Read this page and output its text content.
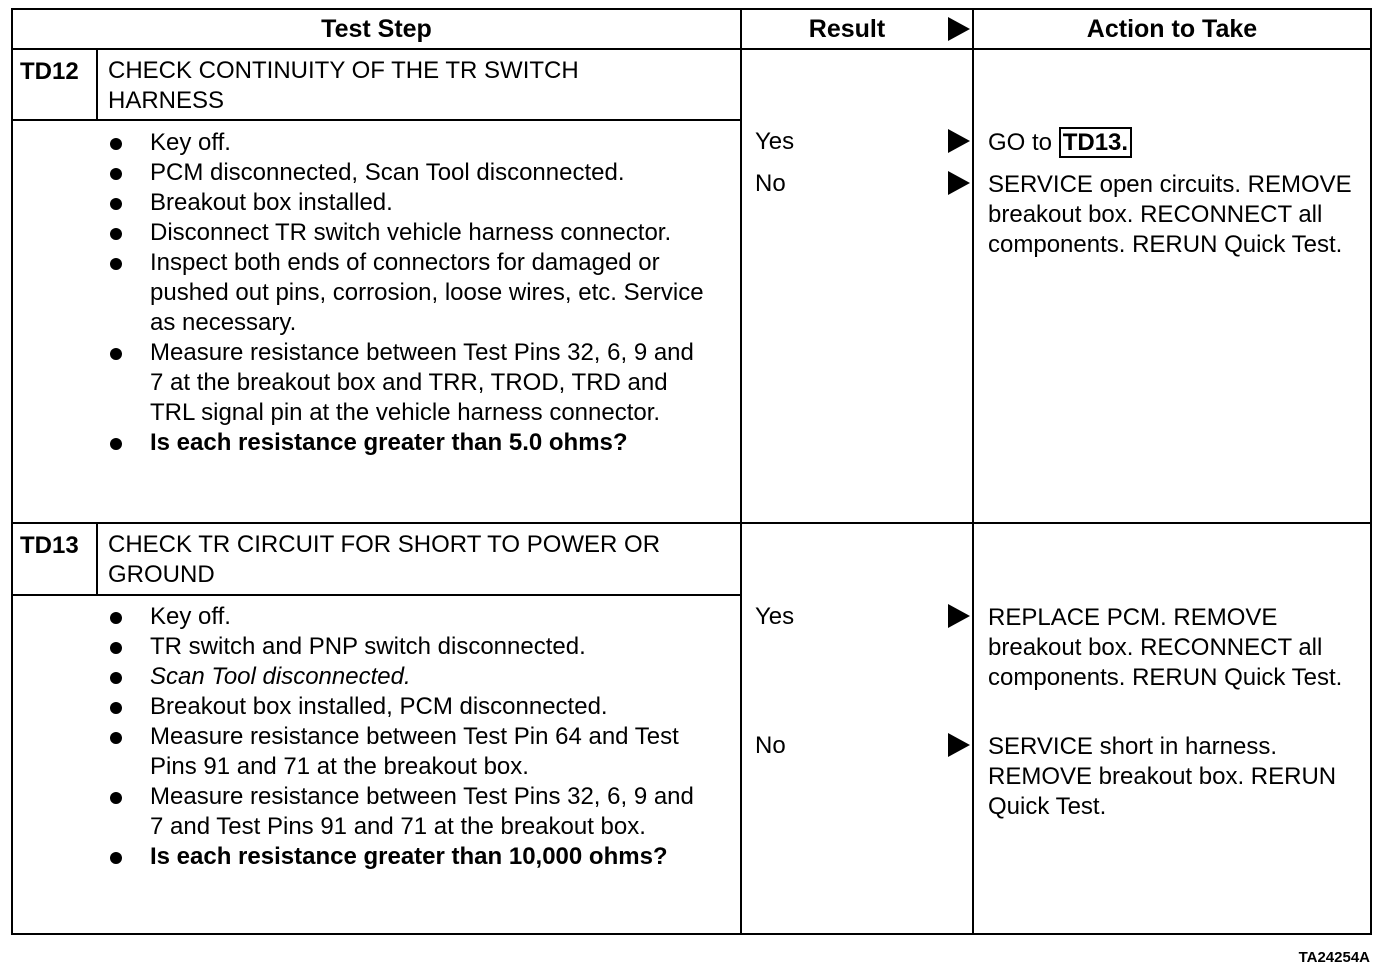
Test Step	Result	Action to Take
TD12 CHECK CONTINUITY OF THE TR SWITCH HARNESS
Key off.
PCM disconnected, Scan Tool disconnected.
Breakout box installed.
Disconnect TR switch vehicle harness connector.
Inspect both ends of connectors for damaged or pushed out pins, corrosion, loose wires, etc. Service as necessary.
Measure resistance between Test Pins 32, 6, 9 and 7 at the breakout box and TRR, TROD, TRD and TRL signal pin at the vehicle harness connector.
Is each resistance greater than 5.0 ohms?
Yes	GO to TD13.
No	SERVICE open circuits. REMOVE breakout box. RECONNECT all components. RERUN Quick Test.
TD13 CHECK TR CIRCUIT FOR SHORT TO POWER OR GROUND
Key off.
TR switch and PNP switch disconnected.
Scan Tool disconnected.
Breakout box installed, PCM disconnected.
Measure resistance between Test Pin 64 and Test Pins 91 and 71 at the breakout box.
Measure resistance between Test Pins 32, 6, 9 and 7 and Test Pins 91 and 71 at the breakout box.
Is each resistance greater than 10,000 ohms?
Yes	REPLACE PCM. REMOVE breakout box. RECONNECT all components. RERUN Quick Test.
No	SERVICE short in harness. REMOVE breakout box. RERUN Quick Test.
TA24254A
